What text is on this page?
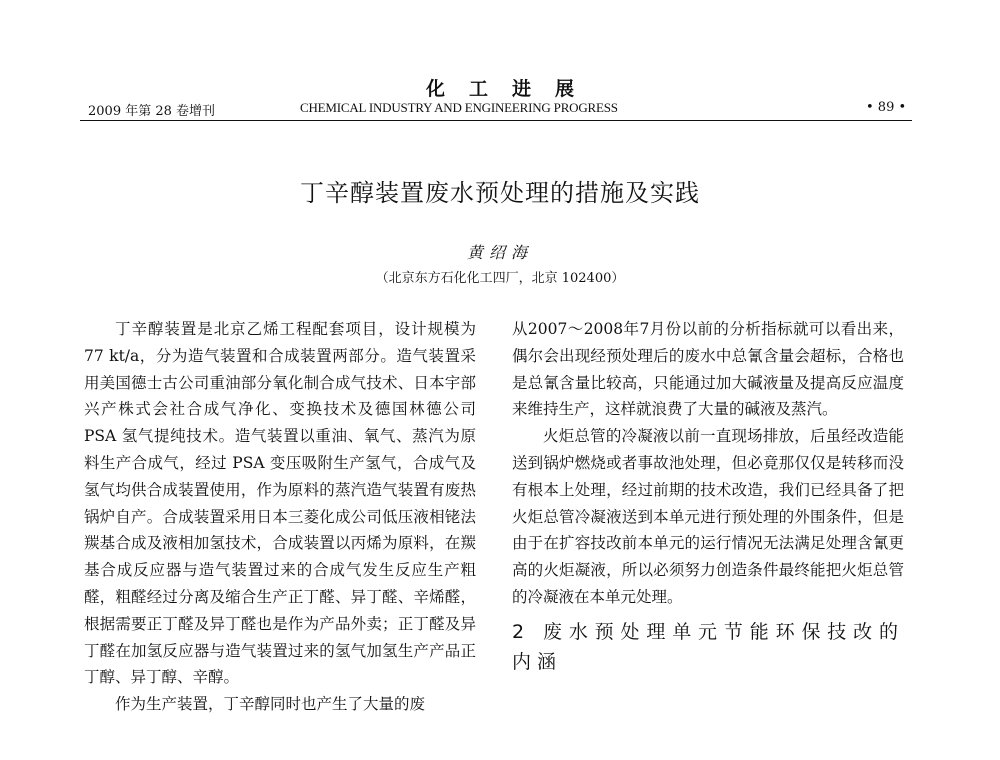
化工进展
2009 年第 28 卷增刊	CHEMICAL INDUSTRY AND ENGINEERING PROGRESS	• 89 •
丁辛醇装置废水预处理的措施及实践
黄绍海
（北京东方石化化工四厂，北京 102400）

丁辛醇装置是北京乙烯工程配套项目，设计规模为 77 kt/a，分为造气装置和合成装置两部分。造气装置采用美国德士古公司重油部分氧化制合成气技术、日本宇部兴产株式会社合成气净化、变换技术及德国林德公司 PSA 氢气提纯技术。造气装置以重油、氧气、蒸汽为原料生产合成气，经过 PSA 变压吸附生产氢气，合成气及氢气均供合成装置使用，作为原料的蒸汽造气装置有废热锅炉自产。合成装置采用日本三菱化成公司低压液相铑法羰基合成及液相加氢技术，合成装置以丙烯为原料，在羰基合成反应器与造气装置过来的合成气发生反应生产粗醛，粗醛经过分离及缩合生产正丁醛、异丁醛、辛烯醛，根据需要正丁醛及异丁醛也是作为产品外卖；正丁醛及异丁醛在加氢反应器与造气装置过来的氢气加氢生产产品正丁醇、异丁醇、辛醇。

作为生产装置，丁辛醇同时也产生了大量的废

从2007～2008年7月份以前的分析指标就可以看出来，偶尔会出现经预处理后的废水中总氰含量会超标，合格也是总氰含量比较高，只能通过加大碱液量及提高反应温度来维持生产，这样就浪费了大量的碱液及蒸汽。

火炬总管的冷凝液以前一直现场排放，后虽经改造能送到锅炉燃烧或者事故池处理，但必竟那仅仅是转移而没有根本上处理，经过前期的技术改造，我们已经具备了把火炬总管冷凝液送到本单元进行预处理的外围条件，但是由于在扩容技改前本单元的运行情况无法满足处理含氰更高的火炬凝液，所以必须努力创造条件最终能把火炬总管的冷凝液在本单元处理。

2 废水预处理单元节能环保技改的内涵
